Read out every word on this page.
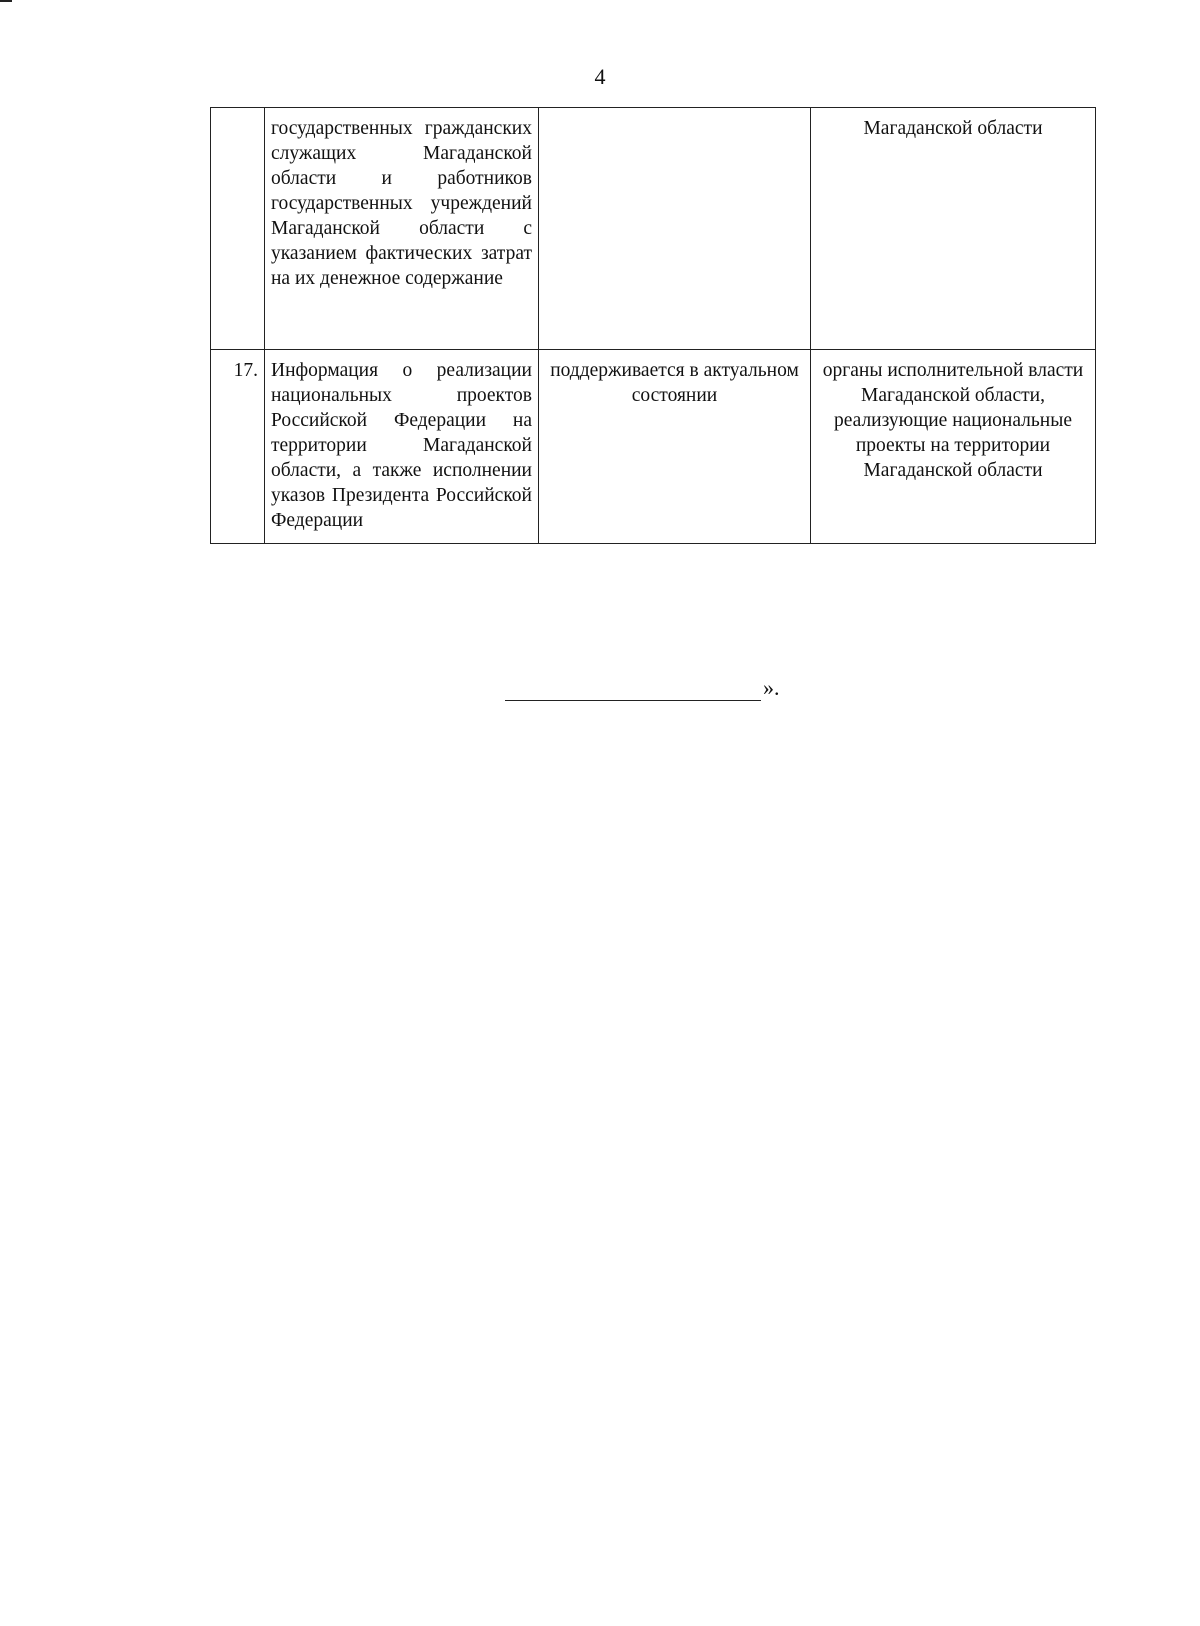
4
	государственных гражданских служащих Магаданской области и работников государственных учреждений Магаданской области с указанием фактических затрат на их денежное содержание		Магаданской области
17.	Информация о реализации национальных проектов Российской Федерации на территории Магаданской области, а также исполнении указов Президента Российской Федерации	поддерживается в актуальном состоянии	органы исполнительной власти Магаданской области, реализующие национальные проекты на территории Магаданской области
».
